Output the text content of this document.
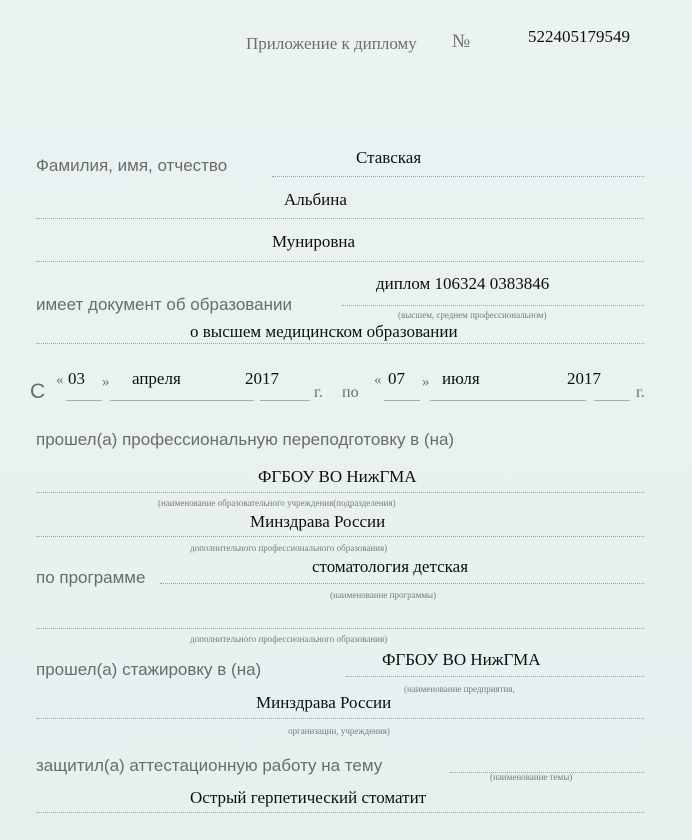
Приложение к диплому №	522405179549
Фамилия, имя, отчество	Ставская
Альбина
Мунировна
имеет документ об образовании
диплом 106324 0383846
(высшем, среднем профессиональном)
о высшем медицинском образовании
С « 03 » апреля	2017
г. по
« 07 » июля	2017
г.
прошел(а) профессиональную переподготовку в (на)
ФГБОУ ВО НижГМА
(наименование образовательного учреждения(подразделения)
Минздрава России
дополнительного профессионального образования)
по программе
стоматология детская
(наименование программы)
дополнительного профессионального образования)
прошел(а) стажировку в (на)
ФГБОУ ВО НижГМА
(наименование предприятия,
Минздрава России
организации, учреждения)
защитил(а) аттестационную работу на тему
(наименование темы)
Острый герпетический стоматит
